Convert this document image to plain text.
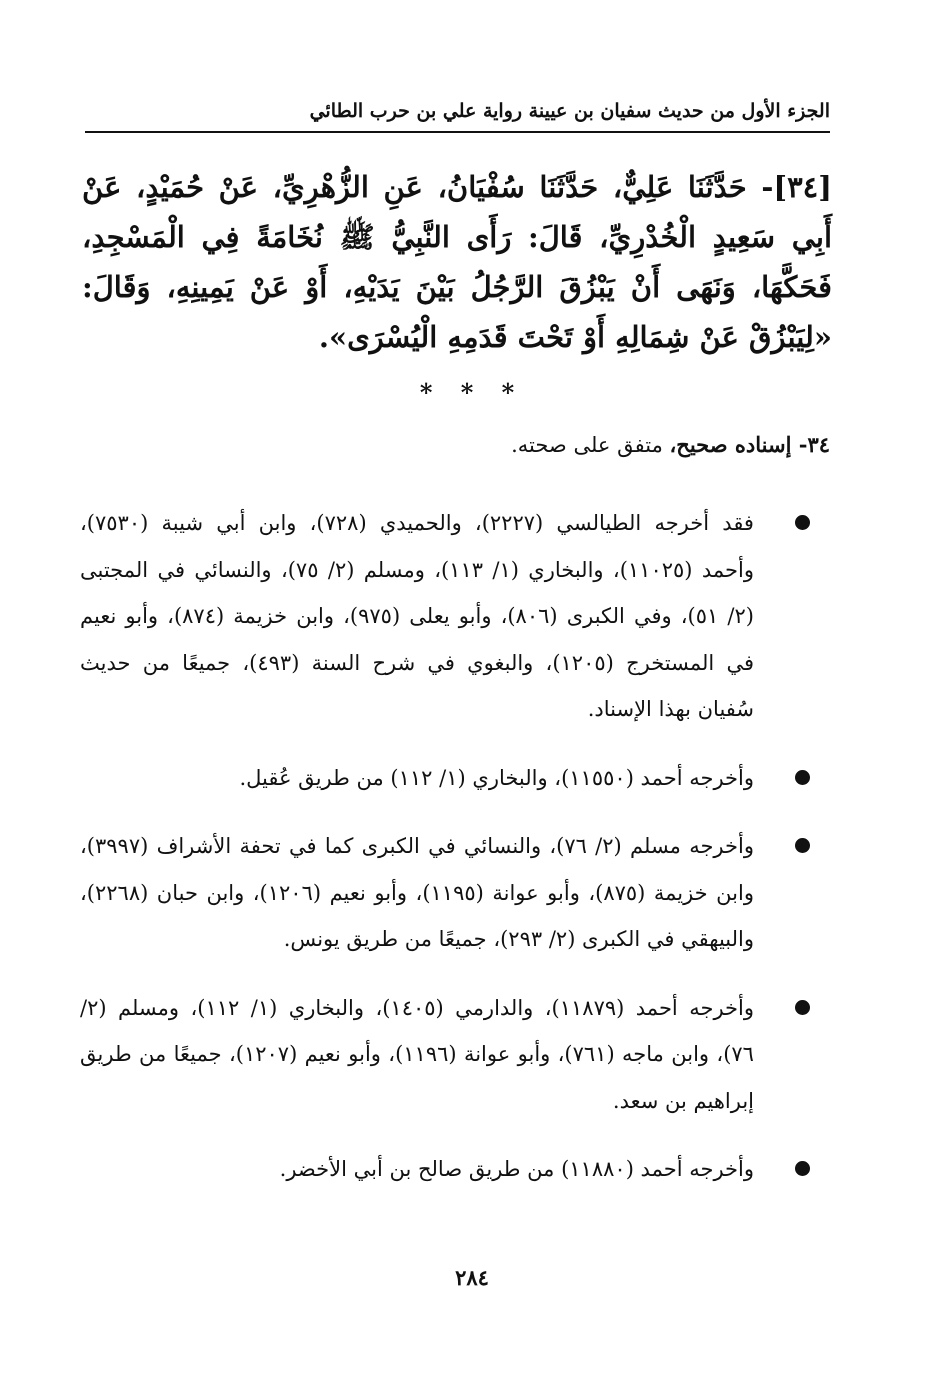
الجزء الأول من حديث سفيان بن عيينة رواية علي بن حرب الطائي
[٣٤]- حَدَّثَنَا عَلِيٌّ، حَدَّثَنَا سُفْيَانُ، عَنِ الزُّهْرِيِّ، عَنْ حُمَيْدٍ، عَنْ أَبِي سَعِيدٍ الْخُدْرِيِّ، قَالَ: رَأَى النَّبِيُّ ﷺ نُخَامَةً فِي الْمَسْجِدِ، فَحَكَّهَا، وَنَهَى أَنْ يَبْزُقَ الرَّجُلُ بَيْنَ يَدَيْهِ، أَوْ عَنْ يَمِينِهِ، وَقَالَ: «لِيَبْزُقْ عَنْ شِمَالِهِ أَوْ تَحْتَ قَدَمِهِ الْيُسْرَى».
* * *
٣٤- إسناده صحيح، متفق على صحته.
فقد أخرجه الطيالسي (٢٢٢٧)، والحميدي (٧٢٨)، وابن أبي شيبة (٧٥٣٠)، وأحمد (١١٠٢٥)، والبخاري (١/ ١١٣)، ومسلم (٢/ ٧٥)، والنسائي في المجتبى (٢/ ٥١)، وفي الكبرى (٨٠٦)، وأبو يعلى (٩٧٥)، وابن خزيمة (٨٧٤)، وأبو نعيم في المستخرج (١٢٠٥)، والبغوي في شرح السنة (٤٩٣)، جميعًا من حديث سُفيان بهذا الإسناد.
وأخرجه أحمد (١١٥٥٠)، والبخاري (١/ ١١٢) من طريق عُقيل.
وأخرجه مسلم (٢/ ٧٦)، والنسائي في الكبرى كما في تحفة الأشراف (٣٩٩٧)، وابن خزيمة (٨٧٥)، وأبو عوانة (١١٩٥)، وأبو نعيم (١٢٠٦)، وابن حبان (٢٢٦٨)، والبيهقي في الكبرى (٢/ ٢٩٣)، جميعًا من طريق يونس.
وأخرجه أحمد (١١٨٧٩)، والدارمي (١٤٠٥)، والبخاري (١/ ١١٢)، ومسلم (٢/ ٧٦)، وابن ماجه (٧٦١)، وأبو عوانة (١١٩٦)، وأبو نعيم (١٢٠٧)، جميعًا من طريق إبراهيم بن سعد.
وأخرجه أحمد (١١٨٨٠) من طريق صالح بن أبي الأخضر.
٢٨٤
